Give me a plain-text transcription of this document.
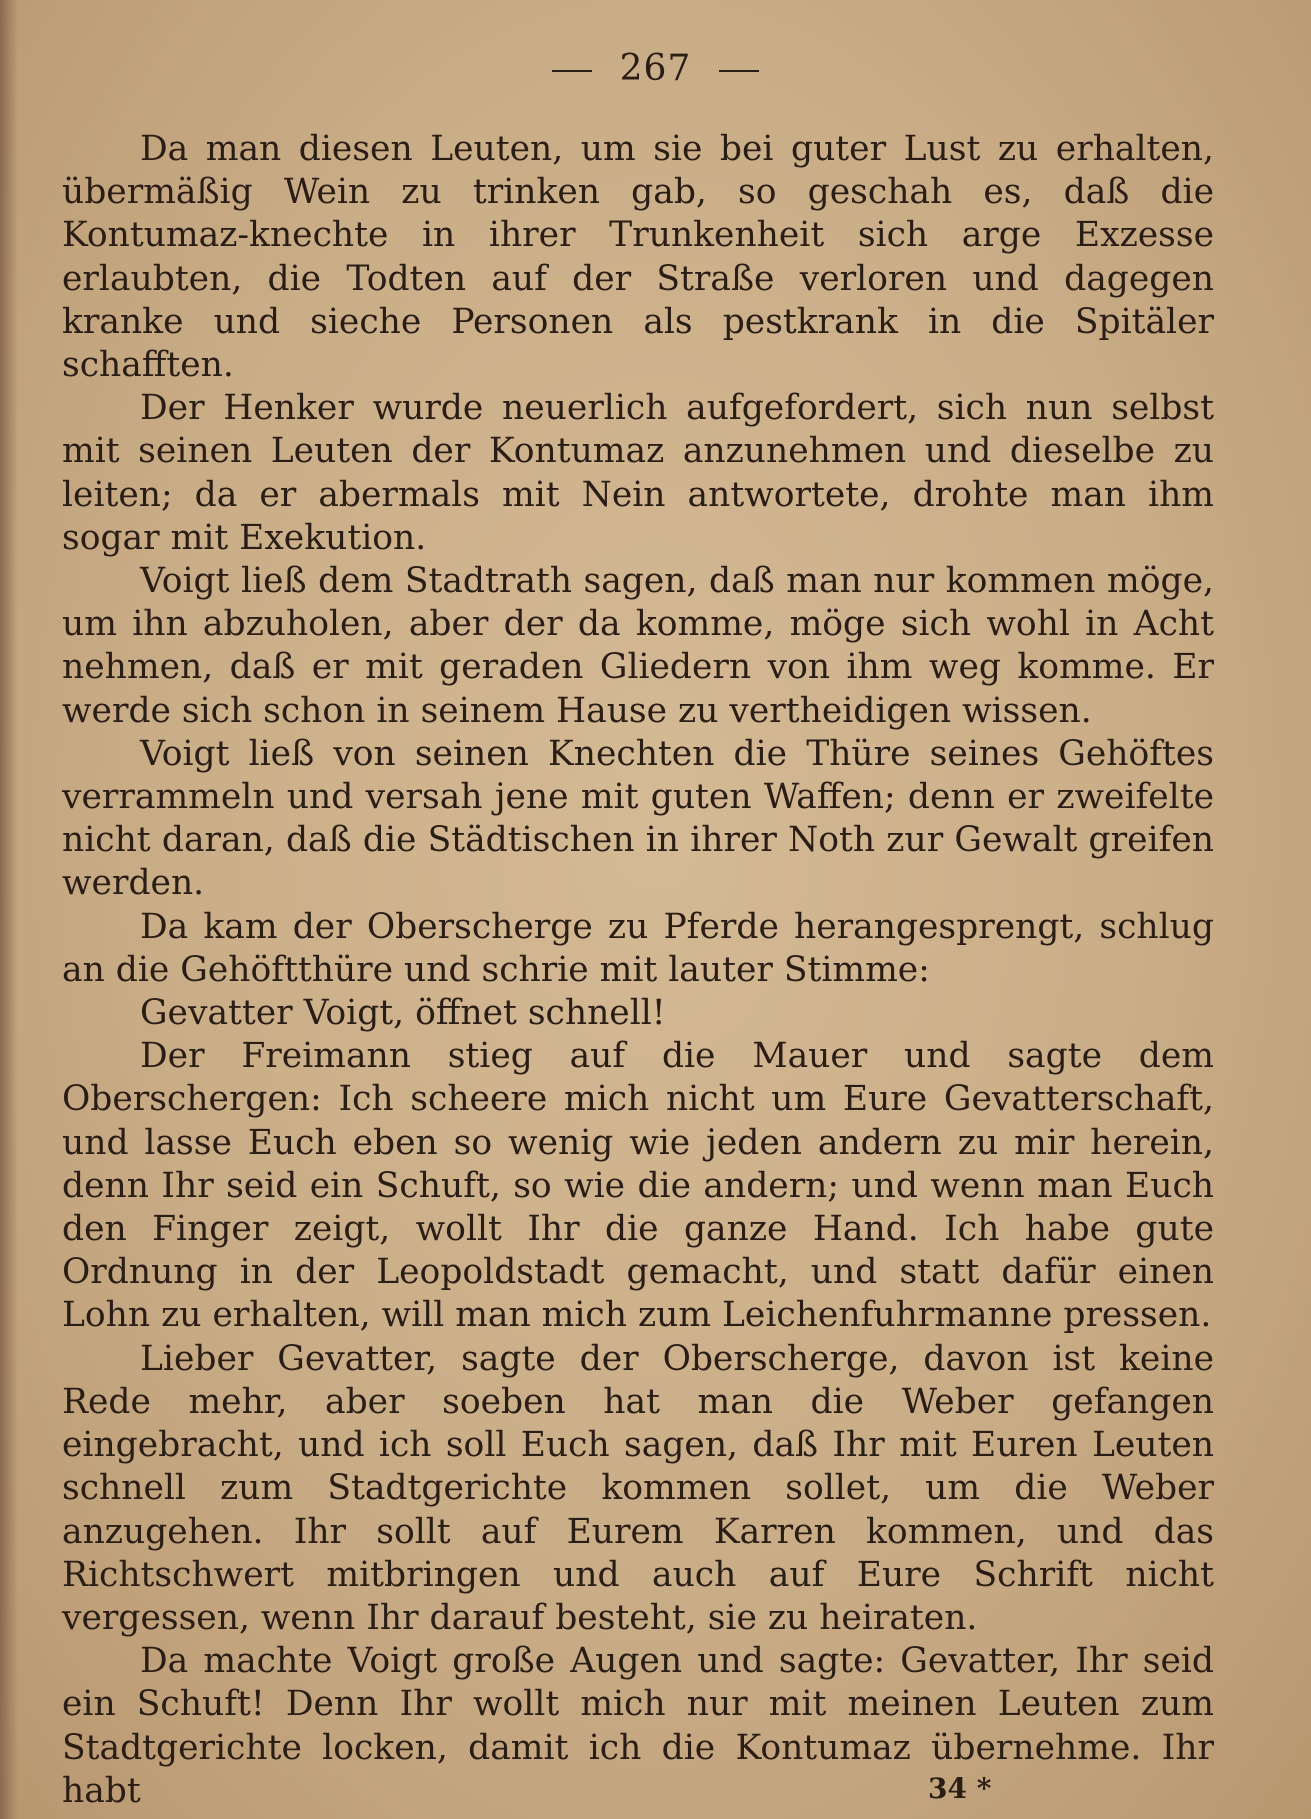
267

Da man diesen Leuten, um sie bei guter Lust zu erhalten, übermäßig Wein zu trinken gab, so geschah es, daß die Kontumaz-knechte in ihrer Trunkenheit sich arge Exzesse erlaubten, die Todten auf der Straße verloren und dagegen kranke und sieche Personen als pestkrank in die Spitäler schafften.

Der Henker wurde neuerlich aufgefordert, sich nun selbst mit seinen Leuten der Kontumaz anzunehmen und dieselbe zu leiten; da er abermals mit Nein antwortete, drohte man ihm sogar mit Exekution.

Voigt ließ dem Stadtrath sagen, daß man nur kommen möge, um ihn abzuholen, aber der da komme, möge sich wohl in Acht nehmen, daß er mit geraden Gliedern von ihm weg komme. Er werde sich schon in seinem Hause zu vertheidigen wissen.

Voigt ließ von seinen Knechten die Thüre seines Gehöftes verrammeln und versah jene mit guten Waffen; denn er zweifelte nicht daran, daß die Städtischen in ihrer Noth zur Gewalt greifen werden.

Da kam der Oberscherge zu Pferde herangesprengt, schlug an die Gehöftthüre und schrie mit lauter Stimme:

Gevatter Voigt, öffnet schnell!

Der Freimann stieg auf die Mauer und sagte dem Oberschergen: Ich scheere mich nicht um Eure Gevatterschaft, und lasse Euch eben so wenig wie jeden andern zu mir herein, denn Ihr seid ein Schuft, so wie die andern; und wenn man Euch den Finger zeigt, wollt Ihr die ganze Hand. Ich habe gute Ordnung in der Leopoldstadt gemacht, und statt dafür einen Lohn zu erhalten, will man mich zum Leichenfuhrmanne pressen.

Lieber Gevatter, sagte der Oberscherge, davon ist keine Rede mehr, aber soeben hat man die Weber gefangen eingebracht, und ich soll Euch sagen, daß Ihr mit Euren Leuten schnell zum Stadtgerichte kommen sollet, um die Weber anzugehen. Ihr sollt auf Eurem Karren kommen, und das Richtschwert mitbringen und auch auf Eure Schrift nicht vergessen, wenn Ihr darauf besteht, sie zu heiraten.

Da machte Voigt große Augen und sagte: Gevatter, Ihr seid ein Schuft! Denn Ihr wollt mich nur mit meinen Leuten zum Stadtgerichte locken, damit ich die Kontumaz übernehme. Ihr habt	34 *
